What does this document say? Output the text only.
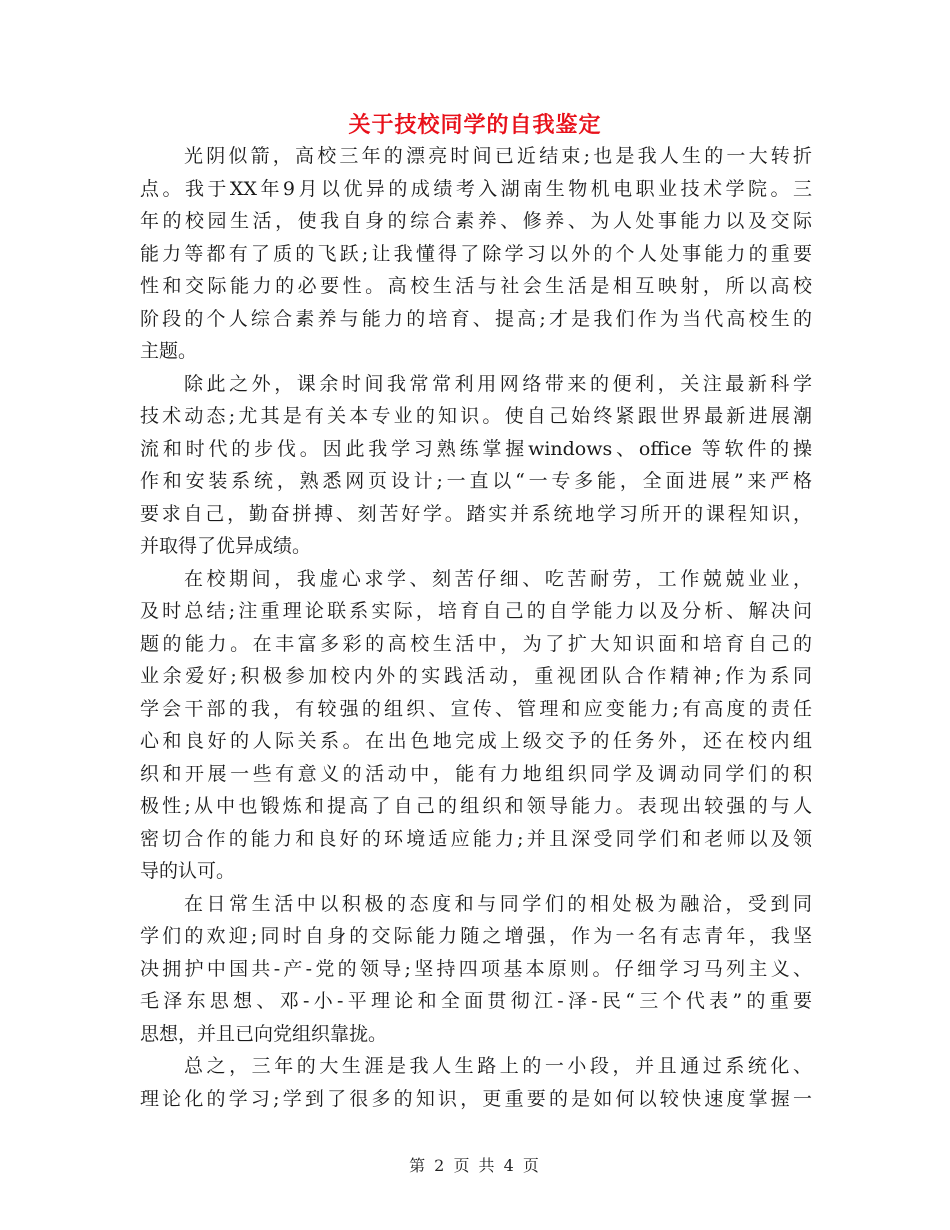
关于技校同学的自我鉴定
光阴似箭，高校三年的漂亮时间已近结束;也是我人生的一大转折
点。我于XX年9月以优异的成绩考入湖南生物机电职业技术学院。三
年的校园生活，使我自身的综合素养、修养、为人处事能力以及交际
能力等都有了质的飞跃;让我懂得了除学习以外的个人处事能力的重要
性和交际能力的必要性。高校生活与社会生活是相互映射，所以高校
阶段的个人综合素养与能力的培育、提高;才是我们作为当代高校生的
主题。
除此之外，课余时间我常常利用网络带来的便利，关注最新科学
技术动态;尤其是有关本专业的知识。使自己始终紧跟世界最新进展潮
流和时代的步伐。因此我学习熟练掌握windows、office 等软件的操
作和安装系统，熟悉网页设计;一直以“一专多能，全面进展”来严格
要求自己，勤奋拼搏、刻苦好学。踏实并系统地学习所开的课程知识，
并取得了优异成绩。
在校期间，我虚心求学、刻苦仔细、吃苦耐劳，工作兢兢业业，
及时总结;注重理论联系实际，培育自己的自学能力以及分析、解决问
题的能力。在丰富多彩的高校生活中，为了扩大知识面和培育自己的
业余爱好;积极参加校内外的实践活动，重视团队合作精神;作为系同
学会干部的我，有较强的组织、宣传、管理和应变能力;有高度的责任
心和良好的人际关系。在出色地完成上级交予的任务外，还在校内组
织和开展一些有意义的活动中，能有力地组织同学及调动同学们的积
极性;从中也锻炼和提高了自己的组织和领导能力。表现出较强的与人
密切合作的能力和良好的环境适应能力;并且深受同学们和老师以及领
导的认可。
在日常生活中以积极的态度和与同学们的相处极为融洽，受到同
学们的欢迎;同时自身的交际能力随之增强，作为一名有志青年，我坚
决拥护中国共-产-党的领导;坚持四项基本原则。仔细学习马列主义、
毛泽东思想、邓-小-平理论和全面贯彻江-泽-民“三个代表”的重要
思想，并且已向党组织靠拢。
总之，三年的大生涯是我人生路上的一小段，并且通过系统化、
理论化的学习;学到了很多的知识，更重要的是如何以较快速度掌握一
第 2 页 共 4 页
